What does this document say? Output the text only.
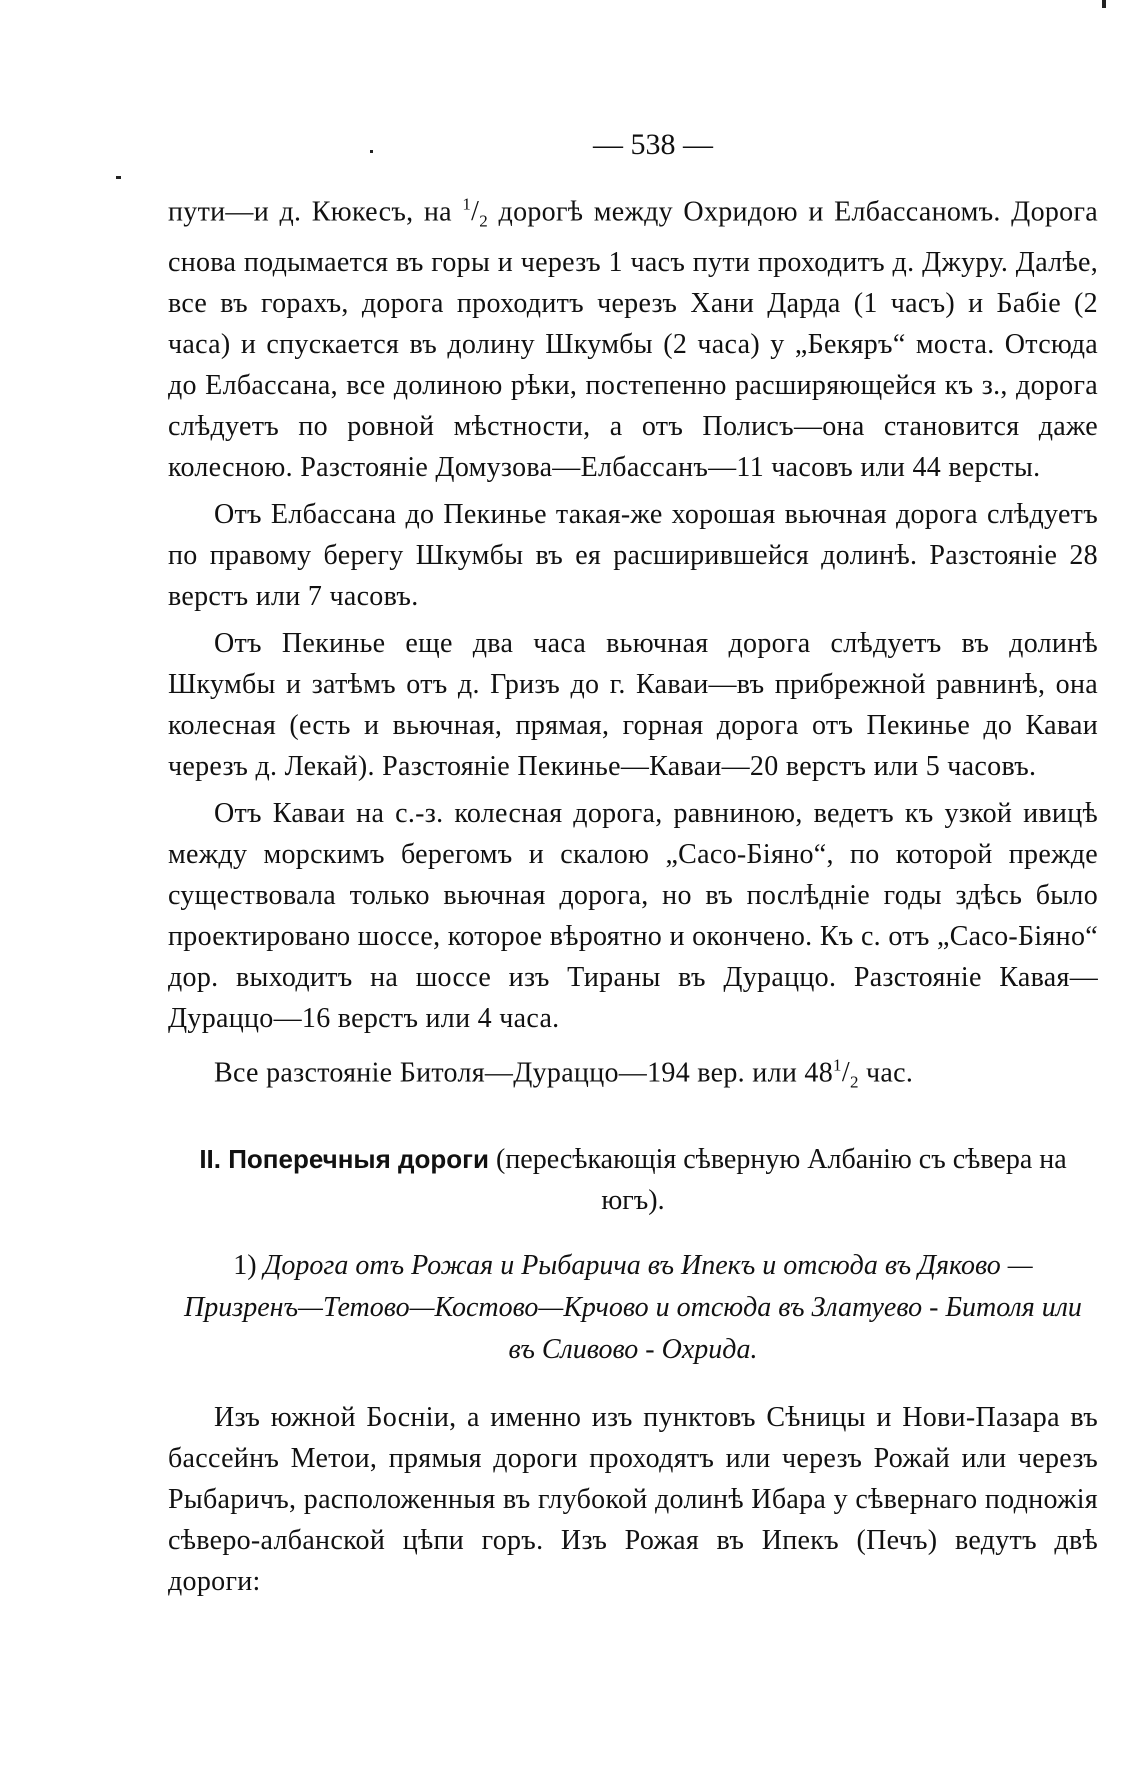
— 538 —

пути—и д. Кюкесъ, на $^1/_2$ дорогѣ между Охридою и Елбассаномъ. Дорога снова подымается въ горы и черезъ 1 часъ пути проходитъ д. Джуру. Далѣе, все въ горахъ, дорога проходитъ черезъ Хани Дарда (1 часъ) и Бабіе (2 часа) и спускается въ долину Шкумбы (2 часа) у „Бекяръ“ моста. Отсюда до Елбассана, все долиною рѣки, постепенно расширяющейся къ з., дорога слѣдуетъ по ровной мѣстности, а отъ Полисъ—она становится даже колесною. Разстояніе Домузова—Елбассанъ—11 часовъ или 44 версты.

Отъ Елбассана до Пекинье такая-же хорошая вьючная дорога слѣдуетъ по правому берегу Шкумбы въ ея расширившейся долинѣ. Разстояніе 28 верстъ или 7 часовъ.

Отъ Пекинье еще два часа вьючная дорога слѣдуетъ въ долинѣ Шкумбы и затѣмъ отъ д. Гризъ до г. Каваи—въ прибрежной равнинѣ, она колесная (есть и вьючная, прямая, горная дорога отъ Пекинье до Каваи черезъ д. Лекай). Разстояніе Пекинье—Каваи—20 верстъ или 5 часовъ.

Отъ Каваи на с.-з. колесная дорога, равниною, ведетъ къ узкой ивицѣ между морскимъ берегомъ и скалою „Сасо-Біяно“, по которой прежде существовала только вьючная дорога, но въ послѣдніе годы здѣсь было проектировано шоссе, которое вѣроятно и окончено. Къ с. отъ „Сасо-Біяно“ дор. выходитъ на шоссе изъ Тираны въ Дураццо. Разстояніе Кавая—Дураццо—16 верстъ или 4 часа.

Все разстояніе Битоля—Дураццо—194 вер. или $48^1/_2$ час.

II. Поперечныя дороги (пересѣкающія сѣверную Албанію съ сѣвера на югъ).
1) Дорога отъ Рожая и Рыбарича въ Ипекъ и отсюда въ Дяково — Призренъ—Тетово—Костово—Крчово и отсюда въ Златуево - Битоля или въ Сливово - Охрида.

Изъ южной Босніи, а именно изъ пунктовъ Сѣницы и Нови-Пазара въ бассейнъ Метои, прямыя дороги проходятъ или черезъ Рожай или черезъ Рыбаричъ, расположенныя въ глубокой долинѣ Ибара у сѣвернаго подножія сѣверо-албанской цѣпи горъ. Изъ Рожая въ Ипекъ (Печъ) ведутъ двѣ дороги:
